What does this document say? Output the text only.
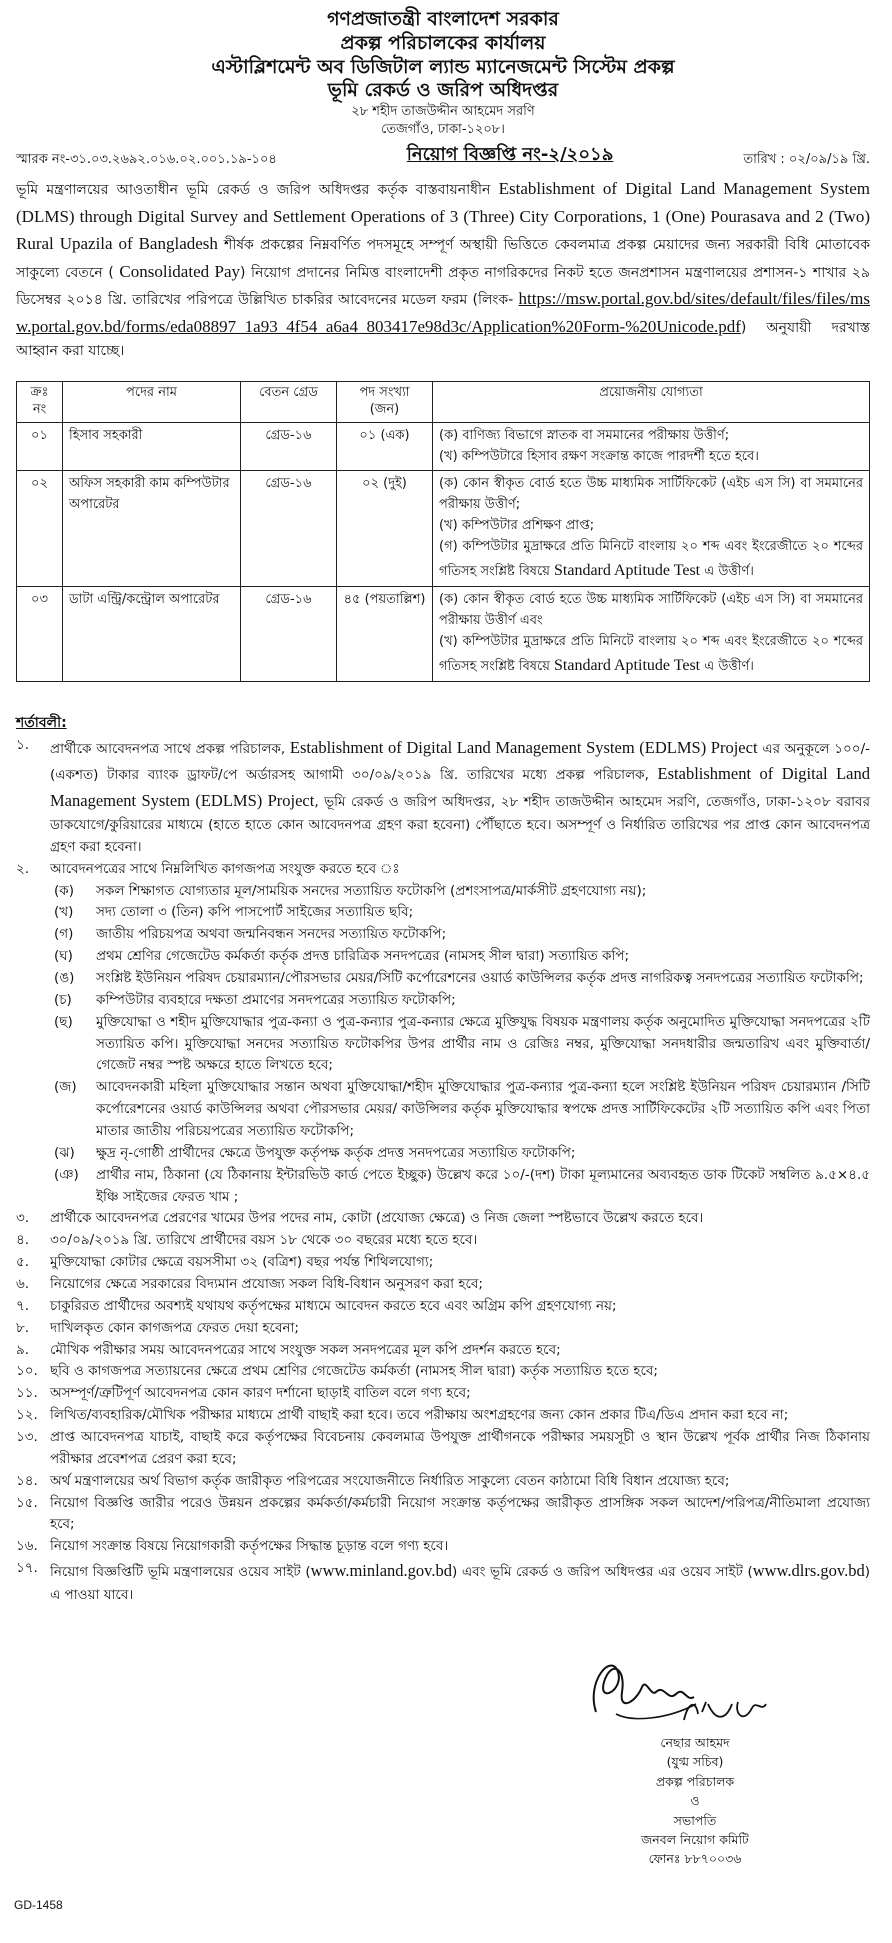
গণপ্রজাতন্ত্রী বাংলাদেশ সরকার
প্রকল্প পরিচালকের কার্যালয়
এস্টাব্লিশমেন্ট অব ডিজিটাল ল্যান্ড ম্যানেজমেন্ট সিস্টেম প্রকল্প
ভূমি রেকর্ড ও জরিপ অধিদপ্তর
২৮ শহীদ তাজউদ্দীন আহমেদ সরণি
তেজগাঁও, ঢাকা-১২০৮।
স্মারক নং-৩১.০৩.২৬৯২.০১৬.০২.০০১.১৯-১০৪	নিয়োগ বিজ্ঞপ্তি নং-২/২০১৯	তারিখ : ০২/০৯/১৯ খ্রি.
ভূমি মন্ত্রণালয়ের আওতাধীন ভূমি রেকর্ড ও জরিপ অধিদপ্তর কর্তৃক বাস্তবায়নাধীন Establishment of Digital Land Management System (DLMS) through Digital Survey and Settlement Operations of 3 (Three) City Corporations, 1 (One) Pourasava and 2 (Two) Rural Upazila of Bangladesh শীর্ষক প্রকল্পের নিম্নবর্ণিত পদসমূহে সম্পূর্ণ অস্থায়ী ভিত্তিতে কেবলমাত্র প্রকল্প মেয়াদের জন্য সরকারী বিধি মোতাবেক সাকুল্যে বেতনে ( Consolidated Pay) নিয়োগ প্রদানের নিমিত্ত বাংলাদেশী প্রকৃত নাগরিকদের নিকট হতে জনপ্রশাসন মন্ত্রণালয়ের প্রশাসন-১ শাখার ২৯ ডিসেম্বর ২০১৪ খ্রি. তারিখের পরিপত্রে উল্লিখিত চাকরির আবেদনের মডেল ফরম (লিংক- https://msw.portal.gov.bd/sites/default/files/files/msw.portal.gov.bd/forms/eda08897_1a93_4f54_a6a4_803417e98d3c/Application%20Form-%20Unicode.pdf) অনুযায়ী দরখাস্ত আহ্বান করা যাচ্ছে।
ক্রঃ নং	পদের নাম	বেতন গ্রেড	পদ সংখ্যা (জন)	প্রয়োজনীয় যোগ্যতা
০১	হিসাব সহকারী	গ্রেড-১৬	০১ (এক)	(ক) বাণিজ্য বিভাগে স্নাতক বা সমমানের পরীক্ষায় উত্তীর্ণ;
(খ) কম্পিউটারে হিসাব রক্ষণ সংক্রান্ত কাজে পারদর্শী হতে হবে।

০২	অফিস সহকারী কাম কম্পিউটার অপারেটর	গ্রেড-১৬	০২ (দুই)	(ক) কোন স্বীকৃত বোর্ড হতে উচ্চ মাধ্যমিক সার্টিফিকেট (এইচ এস সি) বা সমমানের পরীক্ষায় উত্তীর্ণ;
(খ) কম্পিউটার প্রশিক্ষণ প্রাপ্ত;
(গ) কম্পিউটার মুদ্রাক্ষরে প্রতি মিনিটে বাংলায় ২০ শব্দ এবং ইংরেজীতে ২০ শব্দের গতিসহ সংশ্লিষ্ট বিষয়ে Standard Aptitude Test এ উত্তীর্ণ।

০৩	ডাটা এন্ট্রি/কন্ট্রোল অপারেটর	গ্রেড-১৬	৪৫ (পয়তাল্লিশ)	(ক) কোন স্বীকৃত বোর্ড হতে উচ্চ মাধ্যমিক সার্টিফিকেট (এইচ এস সি) বা সমমানের পরীক্ষায় উত্তীর্ণ এবং
(খ) কম্পিউটার মুদ্রাক্ষরে প্রতি মিনিটে বাংলায় ২০ শব্দ এবং ইংরেজীতে ২০ শব্দের গতিসহ সংশ্লিষ্ট বিষয়ে Standard Aptitude Test এ উত্তীর্ণ।
শর্তাবলী:
১.	প্রার্থীকে আবেদনপত্র সাথে প্রকল্প পরিচালক, Establishment of Digital Land Management System (EDLMS) Project এর অনুকূলে ১০০/-(একশত) টাকার ব্যাংক ড্রাফট/পে অর্ডারসহ আগামী ৩০/০৯/২০১৯ খ্রি. তারিখের মধ্যে প্রকল্প পরিচালক, Establishment of Digital Land Management System (EDLMS) Project, ভূমি রেকর্ড ও জরিপ অধিদপ্তর, ২৮ শহীদ তাজউদ্দীন আহমেদ সরণি, তেজগাঁও, ঢাকা-১২০৮ বরাবর ডাকযোগে/কুরিয়ারের মাধ্যমে (হাতে হাতে কোন আবেদনপত্র গ্রহণ করা হবেনা) পৌঁছাতে হবে। অসম্পূর্ণ ও নির্ধারিত তারিখের পর প্রাপ্ত কোন আবেদনপত্র গ্রহণ করা হবেনা।
২.	আবেদনপত্রের সাথে নিম্নলিখিত কাগজপত্র সংযুক্ত করতে হবে ঃ
(ক)	সকল শিক্ষাগত যোগ্যতার মূল/সাময়িক সনদের সত্যায়িত ফটোকপি (প্রশংসাপত্র/মার্কসীট গ্রহণযোগ্য নয়);
(খ)	সদ্য তোলা ৩ (তিন) কপি পাসপোর্ট সাইজের সত্যায়িত ছবি;
(গ)	জাতীয় পরিচয়পত্র অথবা জন্মনিবন্ধন সনদের সত্যায়িত ফটোকপি;
(ঘ)	প্রথম শ্রেণির গেজেটেড কর্মকর্তা কর্তৃক প্রদত্ত চারিত্রিক সনদপত্রের (নামসহ সীল দ্বারা) সত্যায়িত কপি;
(ঙ)	সংশ্লিষ্ট ইউনিয়ন পরিষদ চেয়ারম্যান/পৌরসভার মেয়র/সিটি কর্পোরেশনের ওয়ার্ড কাউন্সিলর কর্তৃক প্রদত্ত নাগরিকত্ব সনদপত্রের সত্যায়িত ফটোকপি;
(চ)	কম্পিউটার ব্যবহারে দক্ষতা প্রমাণের সনদপত্রের সত্যায়িত ফটোকপি;
(ছ)	মুক্তিযোদ্ধা ও শহীদ মুক্তিযোদ্ধার পুত্র-কন্যা ও পুত্র-কন্যার পুত্র-কন্যার ক্ষেত্রে মুক্তিযুদ্ধ বিষয়ক মন্ত্রণালয় কর্তৃক অনুমোদিত মুক্তিযোদ্ধা সনদপত্রের ২টি সত্যায়িত কপি। মুক্তিযোদ্ধা সনদের সত্যায়িত ফটোকপির উপর প্রার্থীর নাম ও রেজিঃ নম্বর, মুক্তিযোদ্ধা সনদধারীর জন্মতারিখ এবং মুক্তিবার্তা/গেজেট নম্বর স্পষ্ট অক্ষরে হাতে লিখতে হবে;
(জ)	আবেদনকারী মহিলা মুক্তিযোদ্ধার সন্তান অথবা মুক্তিযোদ্ধা/শহীদ মুক্তিযোদ্ধার পুত্র-কন্যার পুত্র-কন্যা হলে সংশ্লিষ্ট ইউনিয়ন পরিষদ চেয়ারম্যান /সিটি কর্পোরেশনের ওয়ার্ড কাউন্সিলর অথবা পৌরসভার মেয়র/ কাউন্সিলর কর্তৃক মুক্তিযোদ্ধার স্বপক্ষে প্রদত্ত সার্টিফিকেটের ২টি সত্যায়িত কপি এবং পিতা মাতার জাতীয় পরিচয়পত্রের সত্যায়িত ফটোকপি;
(ঝ)	ক্ষুদ্র নৃ-গোষ্ঠী প্রার্থীদের ক্ষেত্রে উপযুক্ত কর্তৃপক্ষ কর্তৃক প্রদত্ত সনদপত্রের সত্যায়িত ফটোকপি;
(ঞ)	প্রার্থীর নাম, ঠিকানা (যে ঠিকানায় ইন্টারভিউ কার্ড পেতে ইচ্ছুক) উল্লেখ করে ১০/-(দশ) টাকা মূল্যমানের অব্যবহৃত ডাক টিকেট সম্বলিত ৯.৫×৪.৫ ইঞ্চি সাইজের ফেরত খাম ;
৩.	প্রার্থীকে আবেদনপত্র প্রেরণের খামের উপর পদের নাম, কোটা (প্রযোজ্য ক্ষেত্রে) ও নিজ জেলা স্পষ্টভাবে উল্লেখ করতে হবে।
৪.	৩০/০৯/২০১৯ খ্রি. তারিখে প্রার্থীদের বয়স ১৮ থেকে ৩০ বছরের মধ্যে হতে হবে।
৫.	মুক্তিযোদ্ধা কোটার ক্ষেত্রে বয়সসীমা ৩২ (বত্রিশ) বছর পর্যন্ত শিথিলযোগ্য;
৬.	নিয়োগের ক্ষেত্রে সরকারের বিদ্যমান প্রযোজ্য সকল বিধি-বিধান অনুসরণ করা হবে;
৭.	চাকুরিরত প্রার্থীদের অবশ্যই যথাযথ কর্তৃপক্ষের মাধ্যমে আবেদন করতে হবে এবং অগ্রিম কপি গ্রহণযোগ্য নয়;
৮.	দাখিলকৃত কোন কাগজপত্র ফেরত দেয়া হবেনা;
৯.	মৌখিক পরীক্ষার সময় আবেদনপত্রের সাথে সংযুক্ত সকল সনদপত্রের মূল কপি প্রদর্শন করতে হবে;
১০. ছবি ও কাগজপত্র সত্যায়নের ক্ষেত্রে প্রথম শ্রেণির গেজেটেড কর্মকর্তা (নামসহ সীল দ্বারা) কর্তৃক সত্যায়িত হতে হবে;
১১. অসম্পূর্ণ/ত্রুটিপূর্ণ আবেদনপত্র কোন কারণ দর্শানো ছাড়াই বাতিল বলে গণ্য হবে;
১২. লিখিত/ব্যবহারিক/মৌখিক পরীক্ষার মাধ্যমে প্রার্থী বাছাই করা হবে। তবে পরীক্ষায় অংশগ্রহণের জন্য কোন প্রকার টিএ/ডিএ প্রদান করা হবে না;
১৩. প্রাপ্ত আবেদনপত্র যাচাই, বাছাই করে কর্তৃপক্ষের বিবেচনায় কেবলমাত্র উপযুক্ত প্রার্থীগনকে পরীক্ষার সময়সূচী ও স্থান উল্লেখ পূর্বক প্রার্থীর নিজ ঠিকানায় পরীক্ষার প্রবেশপত্র প্রেরণ করা হবে;
১৪. অর্থ মন্ত্রণালয়ের অর্থ বিভাগ কর্তৃক জারীকৃত পরিপত্রের সংযোজনীতে নির্ধারিত সাকুল্যে বেতন কাঠামো বিধি বিধান প্রযোজ্য হবে;
১৫. নিয়োগ বিজ্ঞপ্তি জারীর পরেও উন্নয়ন প্রকল্পের কর্মকর্তা/কর্মচারী নিয়োগ সংক্রান্ত কর্তৃপক্ষের জারীকৃত প্রাসঙ্গিক সকল আদেশ/পরিপত্র/নীতিমালা প্রযোজ্য হবে;
১৬. নিয়োগ সংক্রান্ত বিষয়ে নিয়োগকারী কর্তৃপক্ষের সিদ্ধান্ত চূড়ান্ত বলে গণ্য হবে।
১৭. নিয়োগ বিজ্ঞপ্তিটি ভূমি মন্ত্রণালয়ের ওয়েব সাইট (www.minland.gov.bd) এবং ভূমি রেকর্ড ও জরিপ অধিদপ্তর এর ওয়েব সাইট (www.dlrs.gov.bd) এ পাওয়া যাবে।
নেছার আহমদ
(যুগ্ম সচিব)
প্রকল্প পরিচালক
ও
সভাপতি
জনবল নিয়োগ কমিটি
ফোনঃ ৮৮৭০০৩৬
GD-1458
